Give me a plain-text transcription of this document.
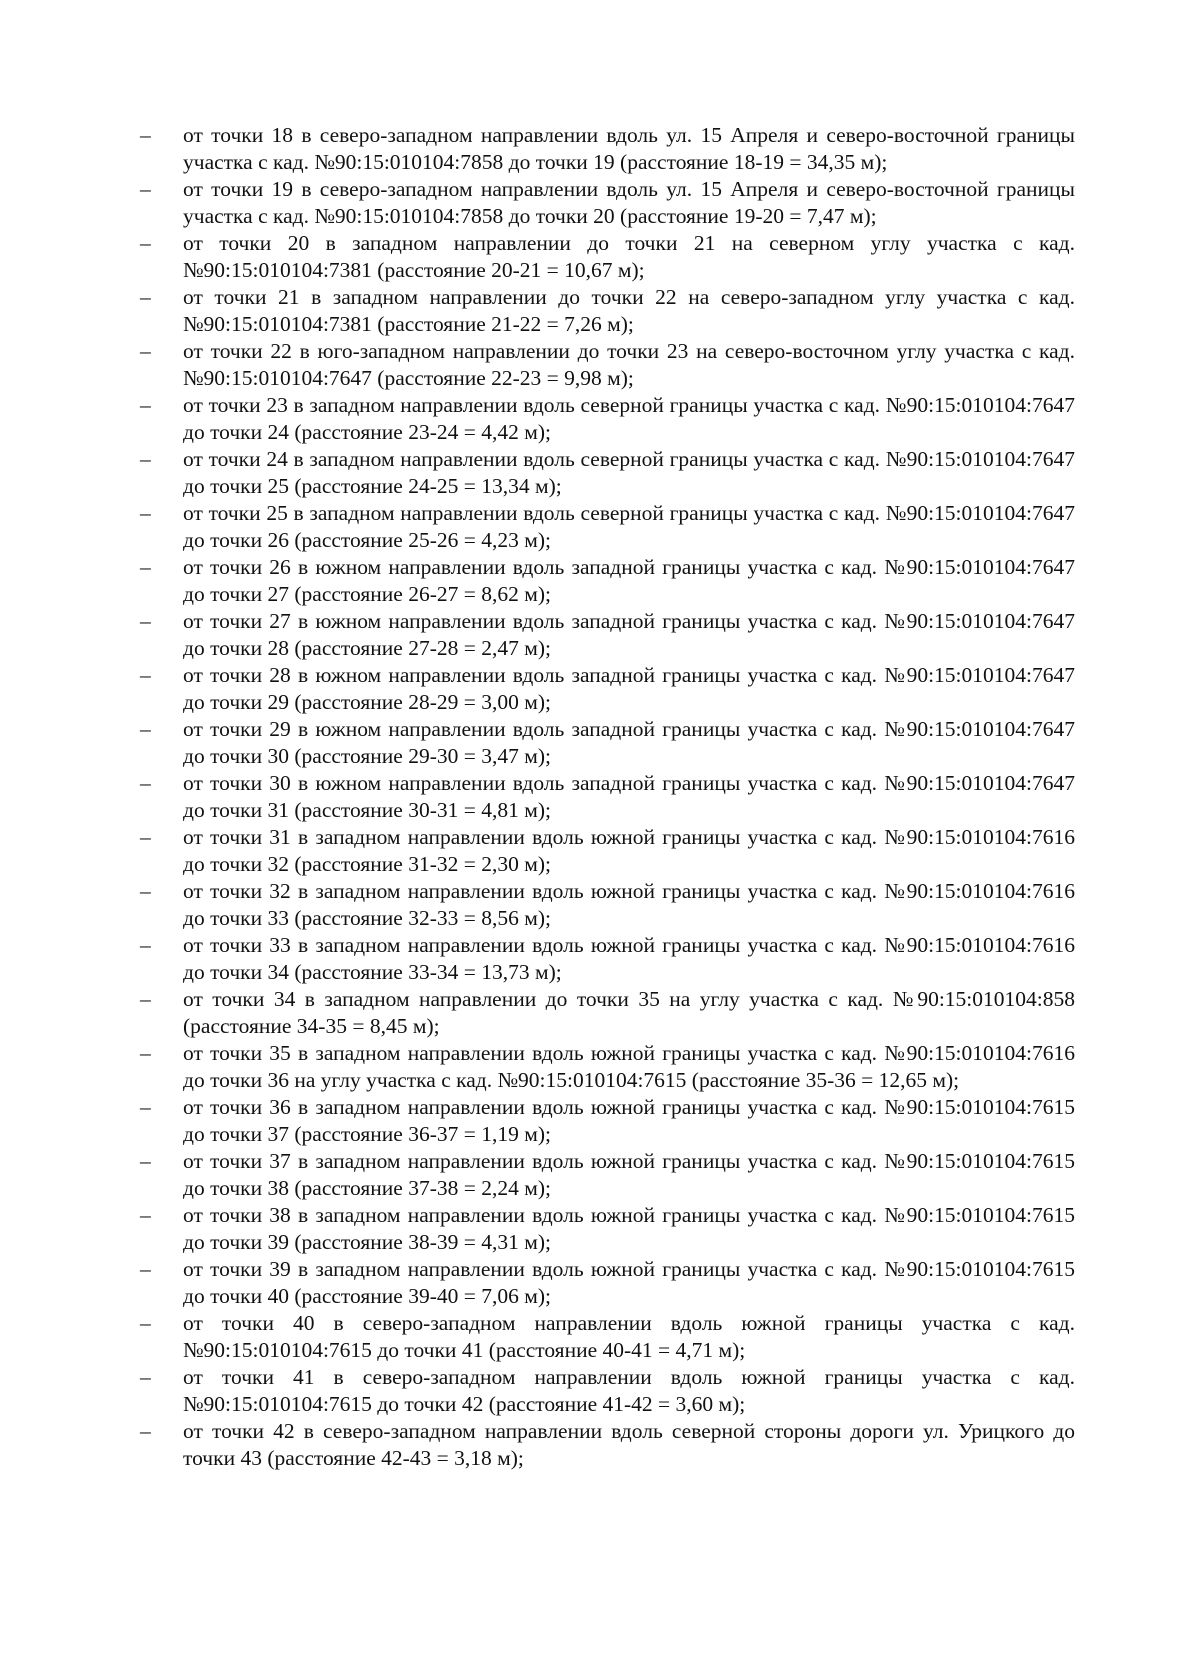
–	от точки 18 в северо-западном направлении вдоль ул. 15 Апреля и северо-восточной границы участка с кад. №90:15:010104:7858 до точки 19 (расстояние 18-19 = 34,35 м);
–	от точки 19 в северо-западном направлении вдоль ул. 15 Апреля и северо-восточной границы участка с кад. №90:15:010104:7858 до точки 20 (расстояние 19-20 = 7,47 м);
–	от точки 20 в западном направлении до точки 21 на северном углу участка с кад. №90:15:010104:7381 (расстояние 20-21 = 10,67 м);
–	от точки 21 в западном направлении до точки 22 на северо-западном углу участка с кад. №90:15:010104:7381 (расстояние 21-22 = 7,26 м);
–	от точки 22 в юго-западном направлении до точки 23 на северо-восточном углу участка с кад. №90:15:010104:7647 (расстояние 22-23 = 9,98 м);
–	от точки 23 в западном направлении вдоль северной границы участка с кад. №90:15:010104:7647 до точки 24 (расстояние 23-24 = 4,42 м);
–	от точки 24 в западном направлении вдоль северной границы участка с кад. №90:15:010104:7647 до точки 25 (расстояние 24-25 = 13,34 м);
–	от точки 25 в западном направлении вдоль северной границы участка с кад. №90:15:010104:7647 до точки 26 (расстояние 25-26 = 4,23 м);
–	от точки 26 в южном направлении вдоль западной границы участка с кад. №90:15:010104:7647 до точки 27 (расстояние 26-27 = 8,62 м);
–	от точки 27 в южном направлении вдоль западной границы участка с кад. №90:15:010104:7647 до точки 28 (расстояние 27-28 = 2,47 м);
–	от точки 28 в южном направлении вдоль западной границы участка с кад. №90:15:010104:7647 до точки 29 (расстояние 28-29 = 3,00 м);
–	от точки 29 в южном направлении вдоль западной границы участка с кад. №90:15:010104:7647 до точки 30 (расстояние 29-30 = 3,47 м);
–	от точки 30 в южном направлении вдоль западной границы участка с кад. №90:15:010104:7647 до точки 31 (расстояние 30-31 = 4,81 м);
–	от точки 31 в западном направлении вдоль южной границы участка с кад. №90:15:010104:7616 до точки 32 (расстояние 31-32 = 2,30 м);
–	от точки 32 в западном направлении вдоль южной границы участка с кад. №90:15:010104:7616 до точки 33 (расстояние 32-33 = 8,56 м);
–	от точки 33 в западном направлении вдоль южной границы участка с кад. №90:15:010104:7616 до точки 34 (расстояние 33-34 = 13,73 м);
–	от точки 34 в западном направлении до точки 35 на углу участка с кад. №90:15:010104:858 (расстояние 34-35 = 8,45 м);
–	от точки 35 в западном направлении вдоль южной границы участка с кад. №90:15:010104:7616 до точки 36 на углу участка с кад. №90:15:010104:7615 (расстояние 35-36 = 12,65 м);
–	от точки 36 в западном направлении вдоль южной границы участка с кад. №90:15:010104:7615 до точки 37 (расстояние 36-37 = 1,19 м);
–	от точки 37 в западном направлении вдоль южной границы участка с кад. №90:15:010104:7615 до точки 38 (расстояние 37-38 = 2,24 м);
–	от точки 38 в западном направлении вдоль южной границы участка с кад. №90:15:010104:7615 до точки 39 (расстояние 38-39 = 4,31 м);
–	от точки 39 в западном направлении вдоль южной границы участка с кад. №90:15:010104:7615 до точки 40 (расстояние 39-40 = 7,06 м);
–	от точки 40 в северо-западном направлении вдоль южной границы участка с кад. №90:15:010104:7615 до точки 41 (расстояние 40-41 = 4,71 м);
–	от точки 41 в северо-западном направлении вдоль южной границы участка с кад. №90:15:010104:7615 до точки 42 (расстояние 41-42 = 3,60 м);
–	от точки 42 в северо-западном направлении вдоль северной стороны дороги ул. Урицкого до точки 43 (расстояние 42-43 = 3,18 м);
